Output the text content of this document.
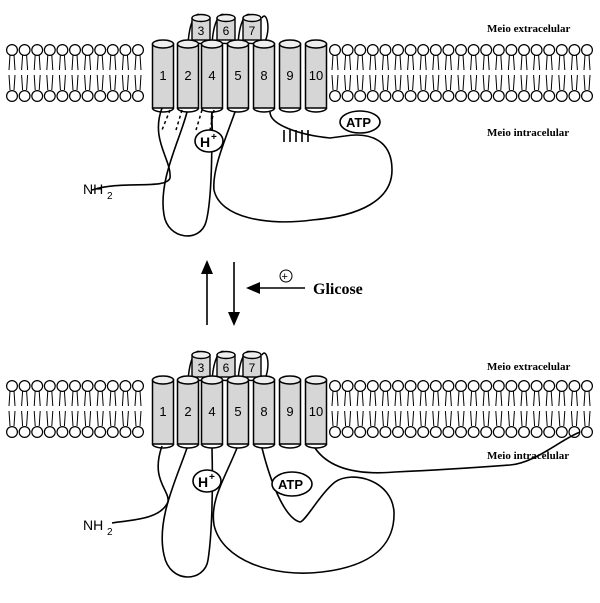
3 6 7
1 2 4 5 8 9 10
H +
ATP
NH 2
Meio extracelular
Meio intracelular
+
Glicose
3 6 7
1 2 4 5 8 9 10
H +	ATP
NH 2
Meio extracelular
Meio intracelular
